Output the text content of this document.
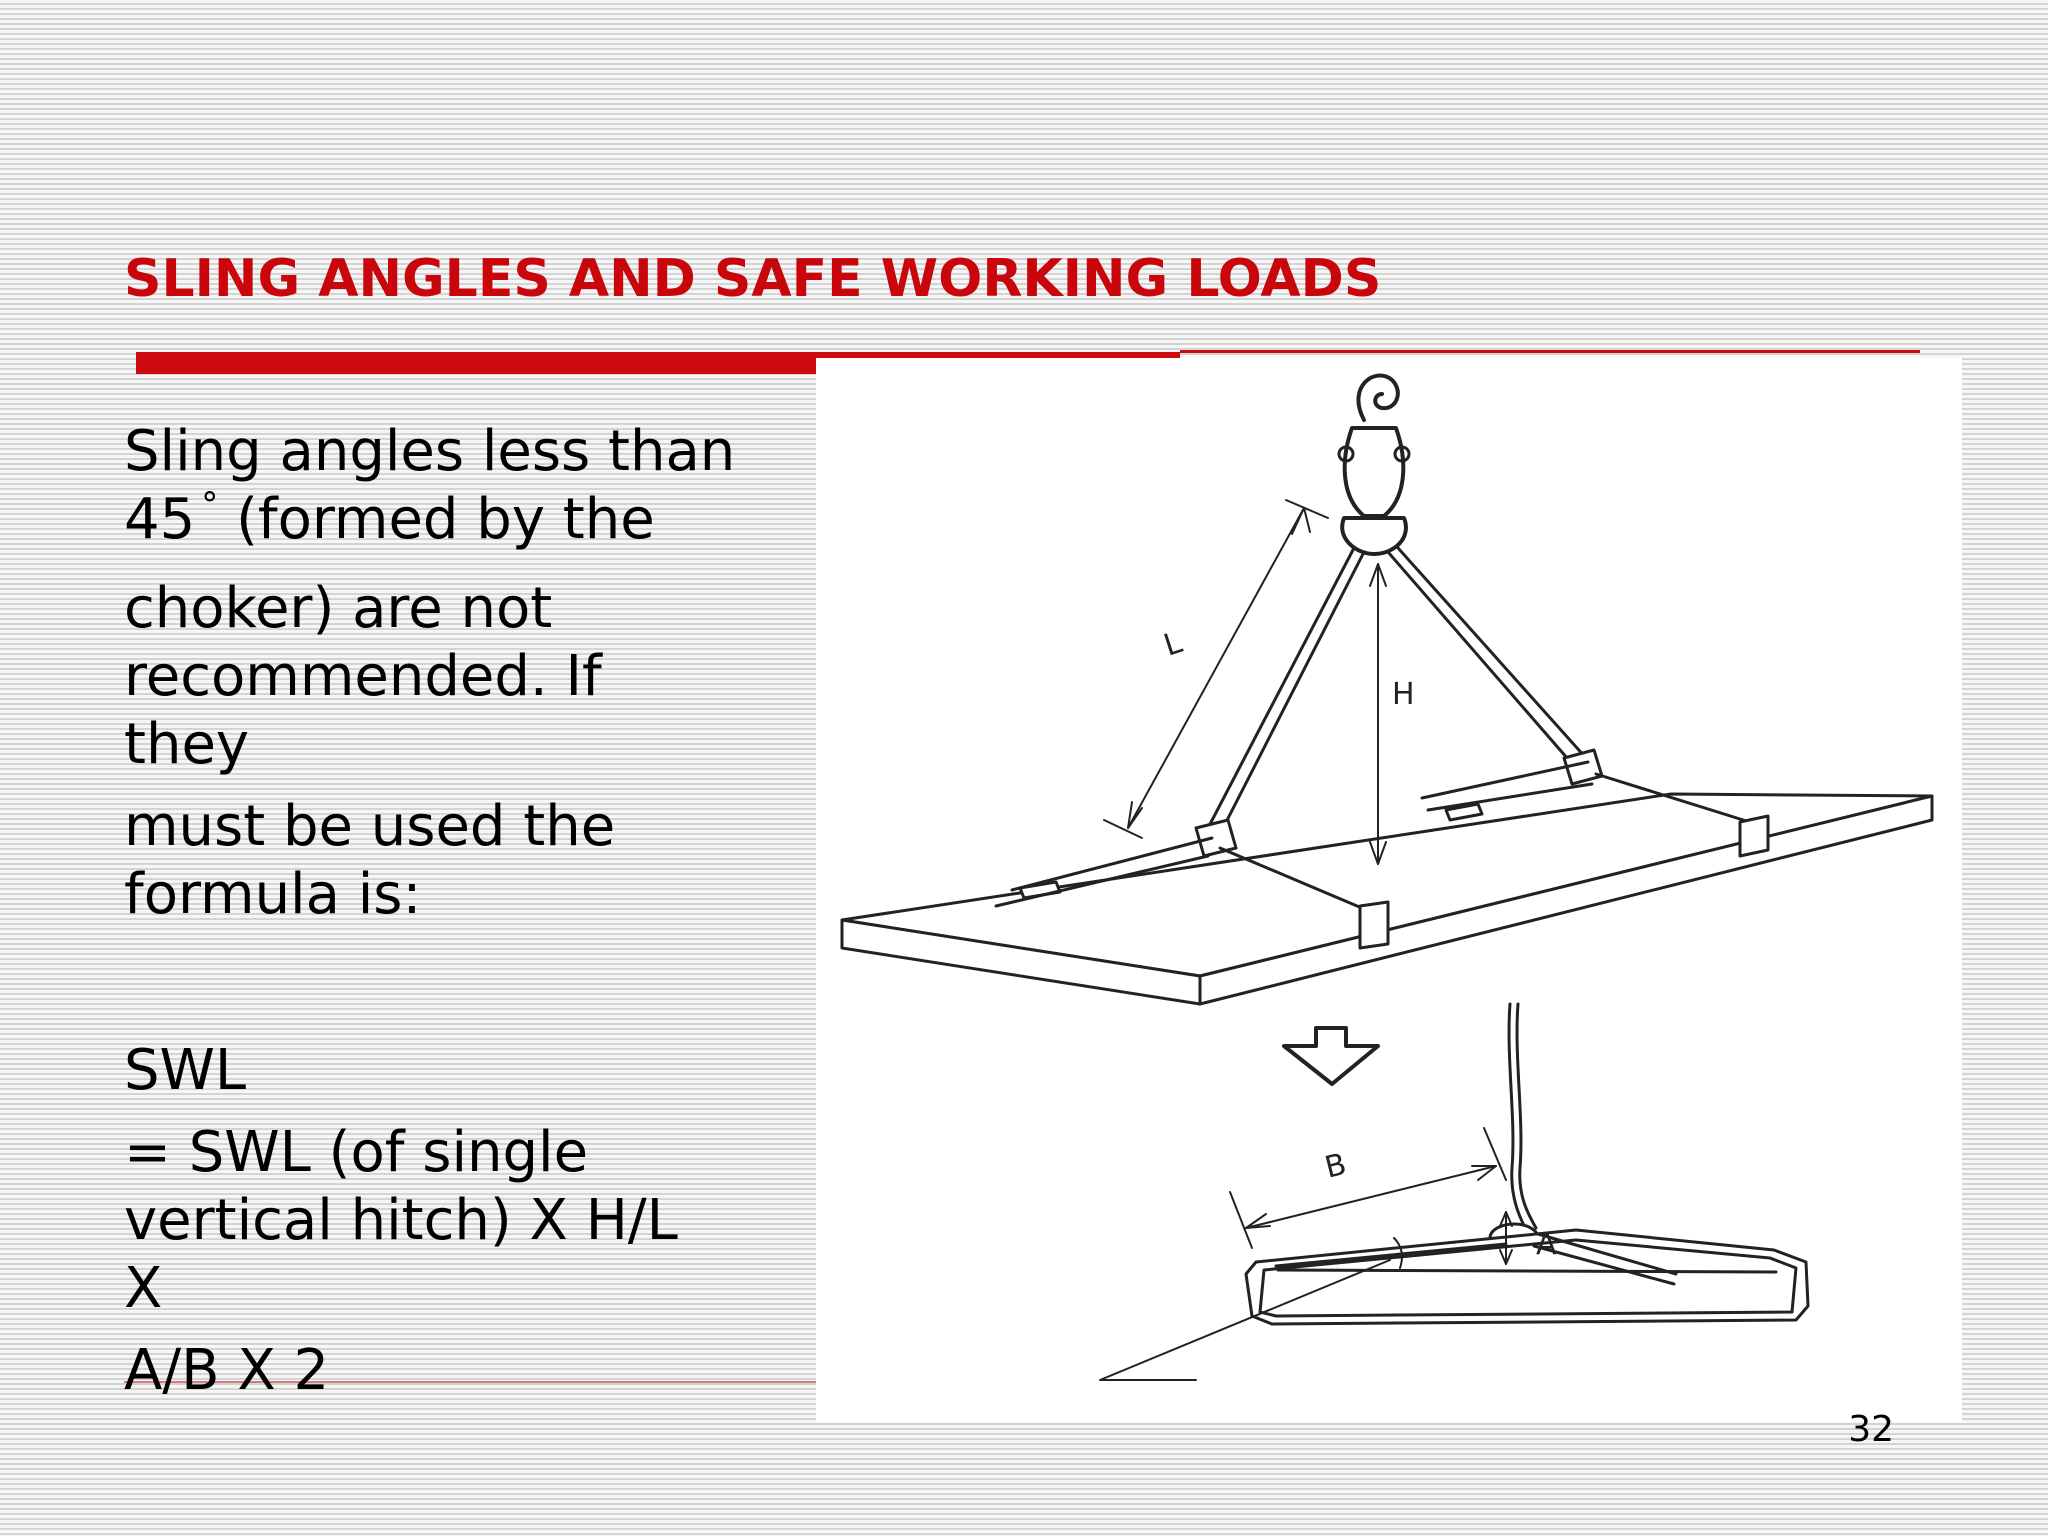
SLING ANGLES AND SAFE WORKING LOADS

Sling angles less than

45 ° (formed by the

choker) are not

recommended. If

they

must be used the

formula is:

SWL

= SWL (of single

vertical hitch) X H/L

X

A/B X 2

L
H
B
A
32
